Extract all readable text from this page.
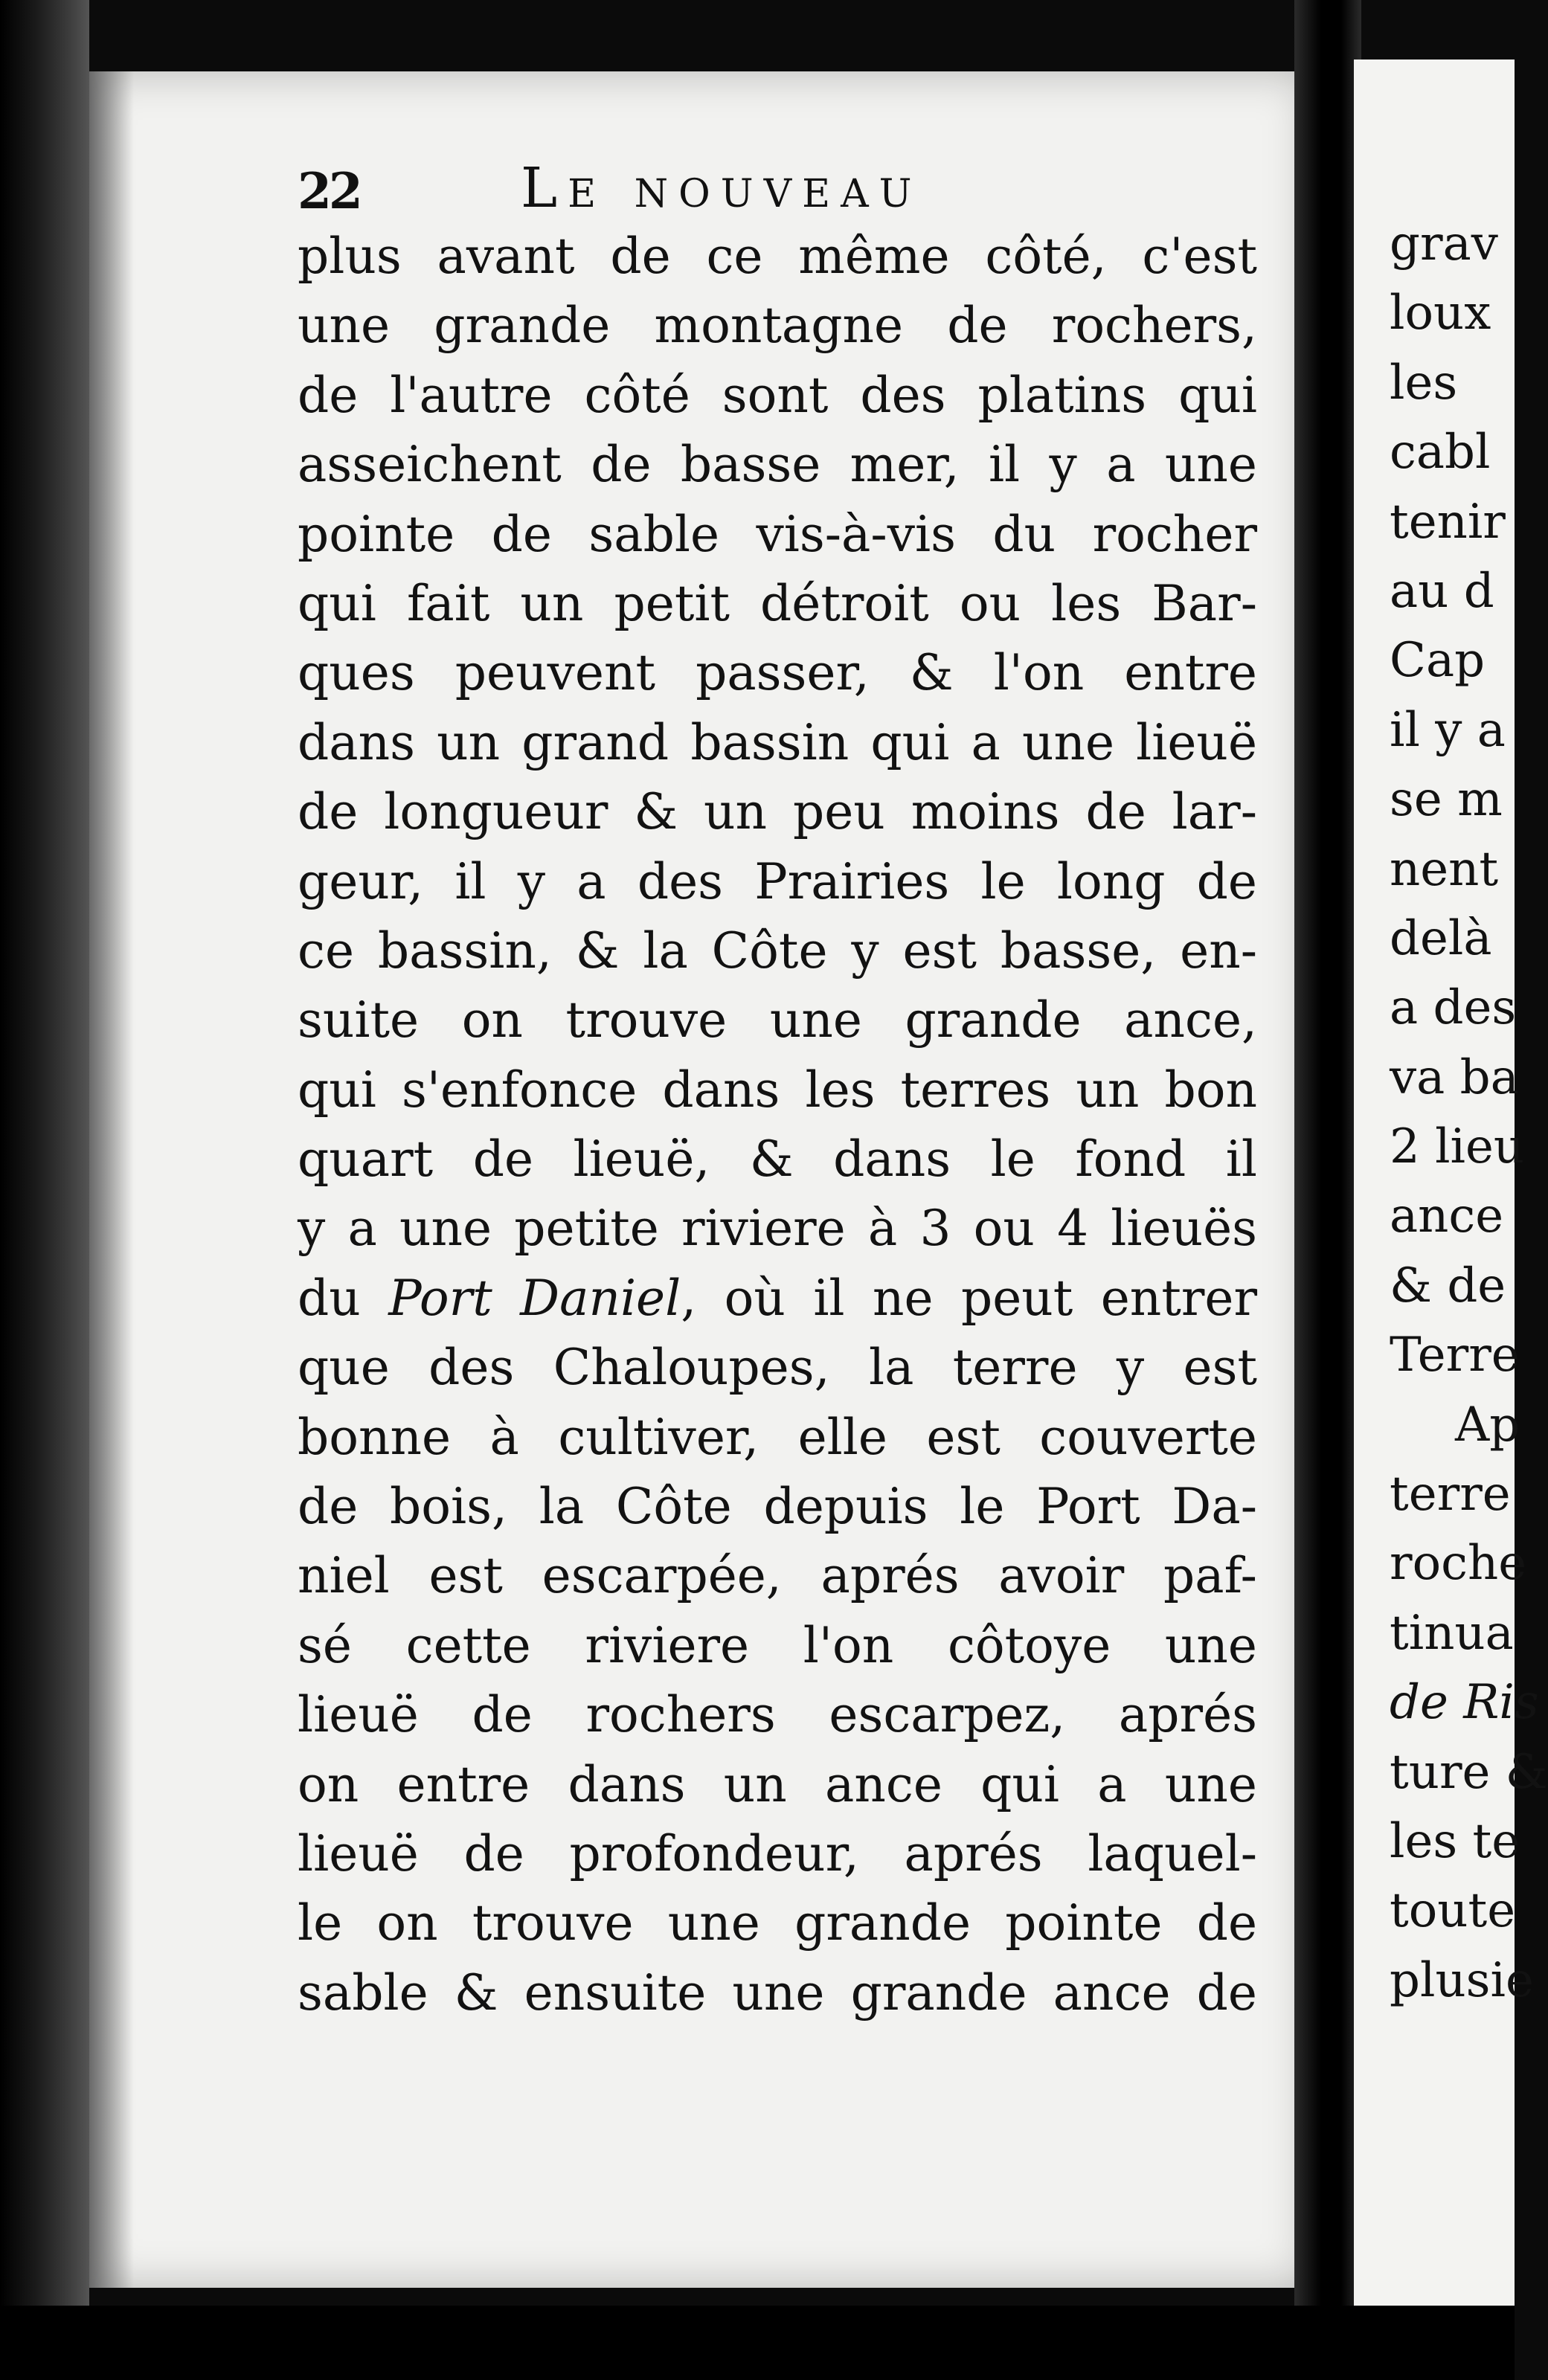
22	Le nouveau
plus avant de ce même côté, c'est
une grande montagne de rochers,
de l'autre côté sont des platins qui
asseichent de basse mer, il y a une
pointe de sable vis-à-vis du rocher
qui fait un petit détroit ou les Bar-
ques peuvent passer, & l'on entre
dans un grand bassin qui a une lieuë
de longueur & un peu moins de lar-
geur, il y a des Prairies le long de
ce bassin, & la Côte y est basse, en-
suite on trouve une grande ance,
qui s'enfonce dans les terres un bon
quart de lieuë, & dans le fond il
y a une petite riviere à 3 ou 4 lieuës
du Port Daniel, où il ne peut entrer
que des Chaloupes, la terre y est
bonne à cultiver, elle est couverte
de bois, la Côte depuis le Port Da-
niel est escarpée, aprés avoir paf-
sé cette riviere l'on côtoye une
lieuë de rochers escarpez, aprés
on entre dans un ance qui a une
lieuë de profondeur, aprés laquel-
le on trouve une grande pointe de
sable & ensuite une grande ance de
grav
loux
les
cabl
tenir
au d
Cap
il y a
se m
nent
delà
a des
va ba
2 lieu
ance
& de
Terre
Ap
terre
roche
tinua
de Ris
ture &
les te
toute
plusie
